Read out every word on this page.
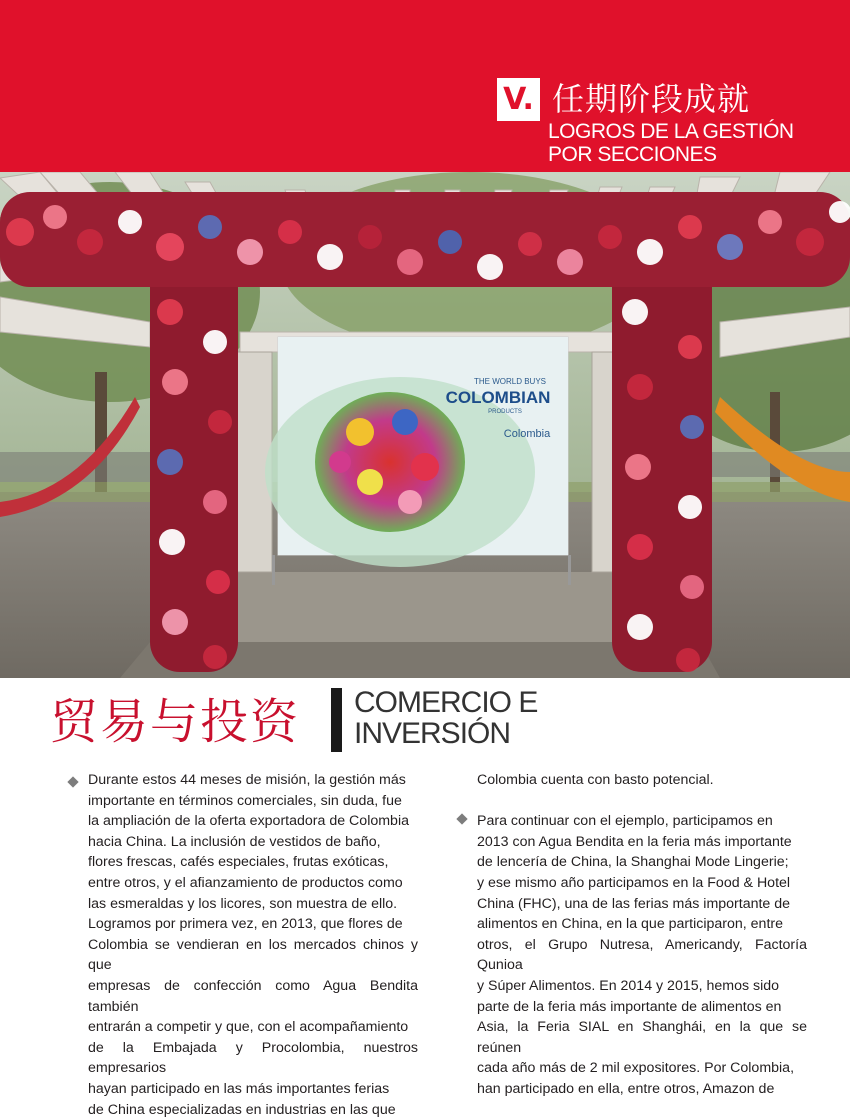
V. 任期阶段成就
LOGROS DE LA GESTIÓN
POR SECCIONES
THE WORLD BUYS
COLOMBIAN
PRODUCTS
Colombia
贸易与投资 COMERCIO E
INVERSIÓN

Durante estos 44 meses de misión, la gestión más

importante en términos comerciales, sin duda, fue

la ampliación de la oferta exportadora de Colombia

hacia China. La inclusión de vestidos de baño,

flores frescas, cafés especiales, frutas exóticas,

entre otros, y el afianzamiento de productos como

las esmeraldas y los licores, son muestra de ello.

Logramos por primera vez, en 2013, que flores de

Colombia se vendieran en los mercados chinos y que

empresas de confección como Agua Bendita también

entrarán a competir y que, con el acompañamiento

de la Embajada y Procolombia, nuestros empresarios

hayan participado en las más importantes ferias

de China especializadas en industrias en las que

Colombia cuenta con basto potencial.

Para continuar con el ejemplo, participamos en

2013 con Agua Bendita en la feria más importante

de lencería de China, la Shanghai Mode Lingerie;

y ese mismo año participamos en la Food & Hotel

China (FHC), una de las ferias más importante de

alimentos en China, en la que participaron, entre

otros, el Grupo Nutresa, Americandy, Factoría Qunioa

y Súper Alimentos. En 2014 y 2015, hemos sido

parte de la feria más importante de alimentos en

Asia, la Feria SIAL en Shanghái, en la que se reúnen

cada año más de 2 mil expositores. Por Colombia,

han participado en ella, entre otros, Amazon de
